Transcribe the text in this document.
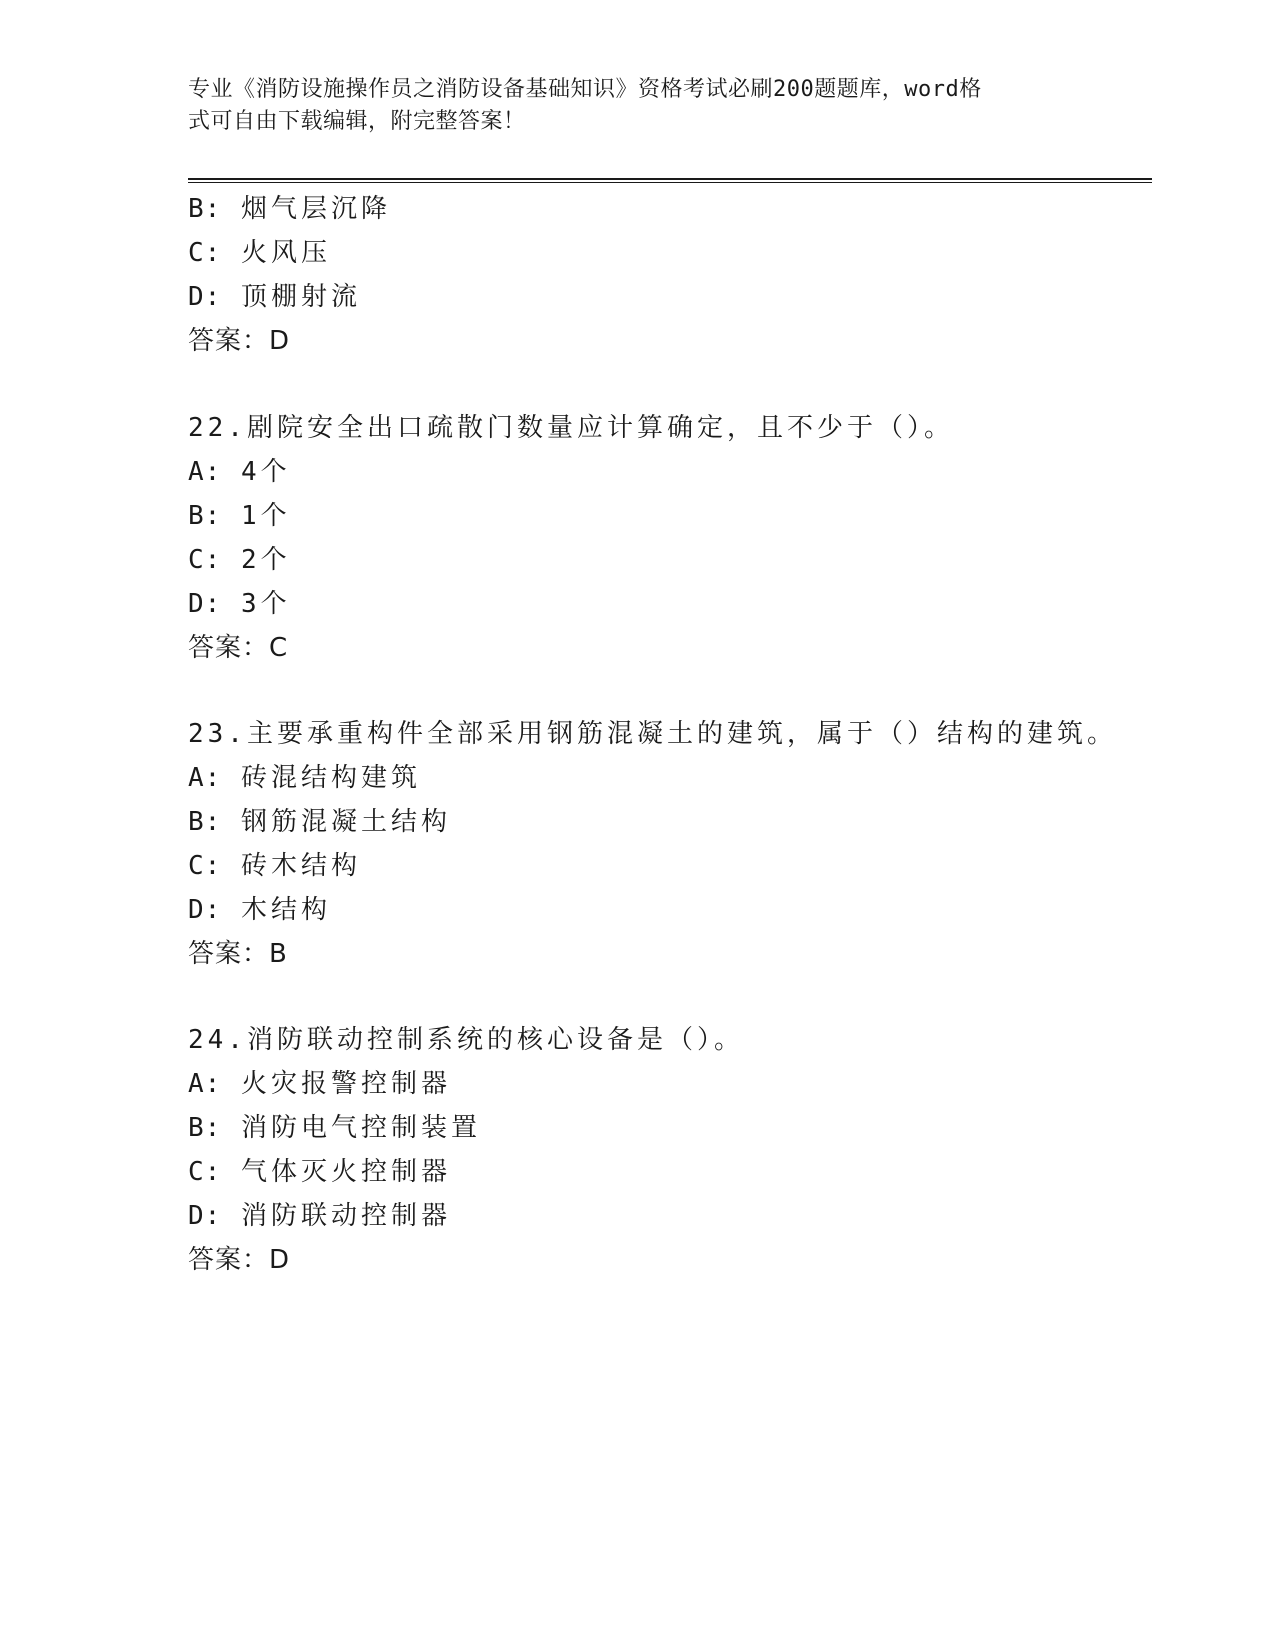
专业《消防设施操作员之消防设备基础知识》资格考试必刷200题题库，word格
式可自由下载编辑，附完整答案！
B: 烟气层沉降
C: 火风压
D: 顶棚射流
答案：D
22.剧院安全出口疏散门数量应计算确定，且不少于（）。
A: 4个
B: 1个
C: 2个
D: 3个
答案：C
23.主要承重构件全部采用钢筋混凝土的建筑，属于（）结构的建筑。
A: 砖混结构建筑
B: 钢筋混凝土结构
C: 砖木结构
D: 木结构
答案：B
24.消防联动控制系统的核心设备是（）。
A: 火灾报警控制器
B: 消防电气控制装置
C: 气体灭火控制器
D: 消防联动控制器
答案：D
